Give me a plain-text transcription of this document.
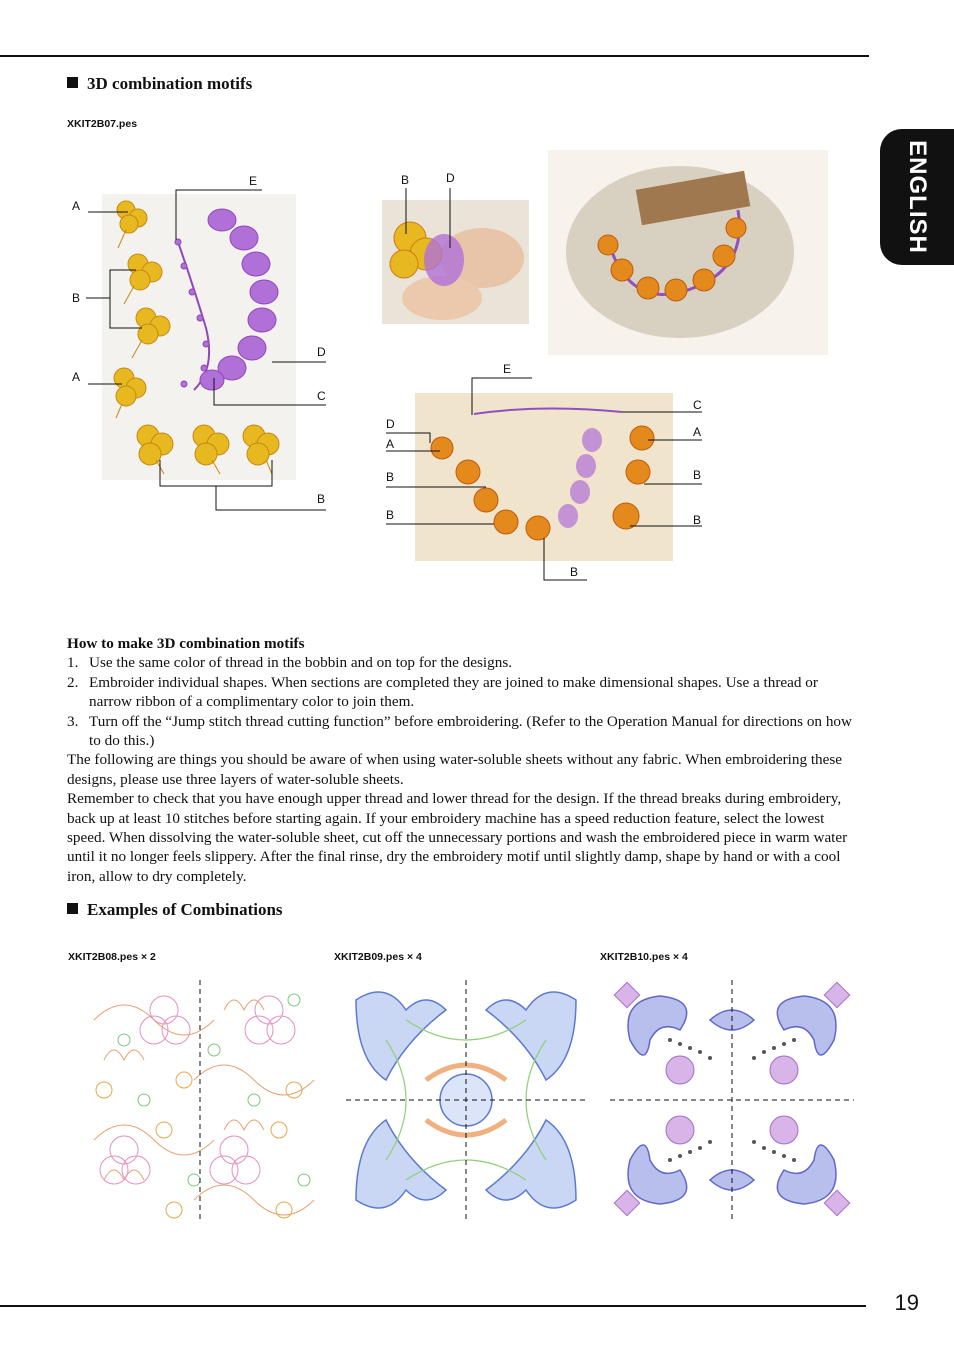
ENGLISH
3D combination motifs
XKIT2B07.pes
A
B
A
E
D
C
B
B	D
E
C
D
A
A
B	B
B	B
B
How to make 3D combination motifs
1. Use the same color of thread in the bobbin and on top for the designs.
2. Embroider individual shapes. When sections are completed they are joined to make dimensional shapes. Use a thread or narrow ribbon of a complimentary color to join them.
3. Turn off the “Jump stitch thread cutting function” before embroidering. (Refer to the Operation Manual for directions on how to do this.)

The following are things you should be aware of when using water-soluble sheets without any fabric. When embroidering these designs, please use three layers of water-soluble sheets.

Remember to check that you have enough upper thread and lower thread for the design. If the thread breaks during embroidery, back up at least 10 stitches before starting again. If your embroidery machine has a speed reduction feature, select the lowest speed. When dissolving the water-soluble sheet, cut off the unnecessary portions and wash the embroidered piece in warm water until it no longer feels slippery. After the final rinse, dry the embroidery motif until slightly damp, shape by hand or with a cool iron, allow to dry completely.

Examples of Combinations
XKIT2B08.pes × 2	XKIT2B09.pes × 4	XKIT2B10.pes × 4
19
